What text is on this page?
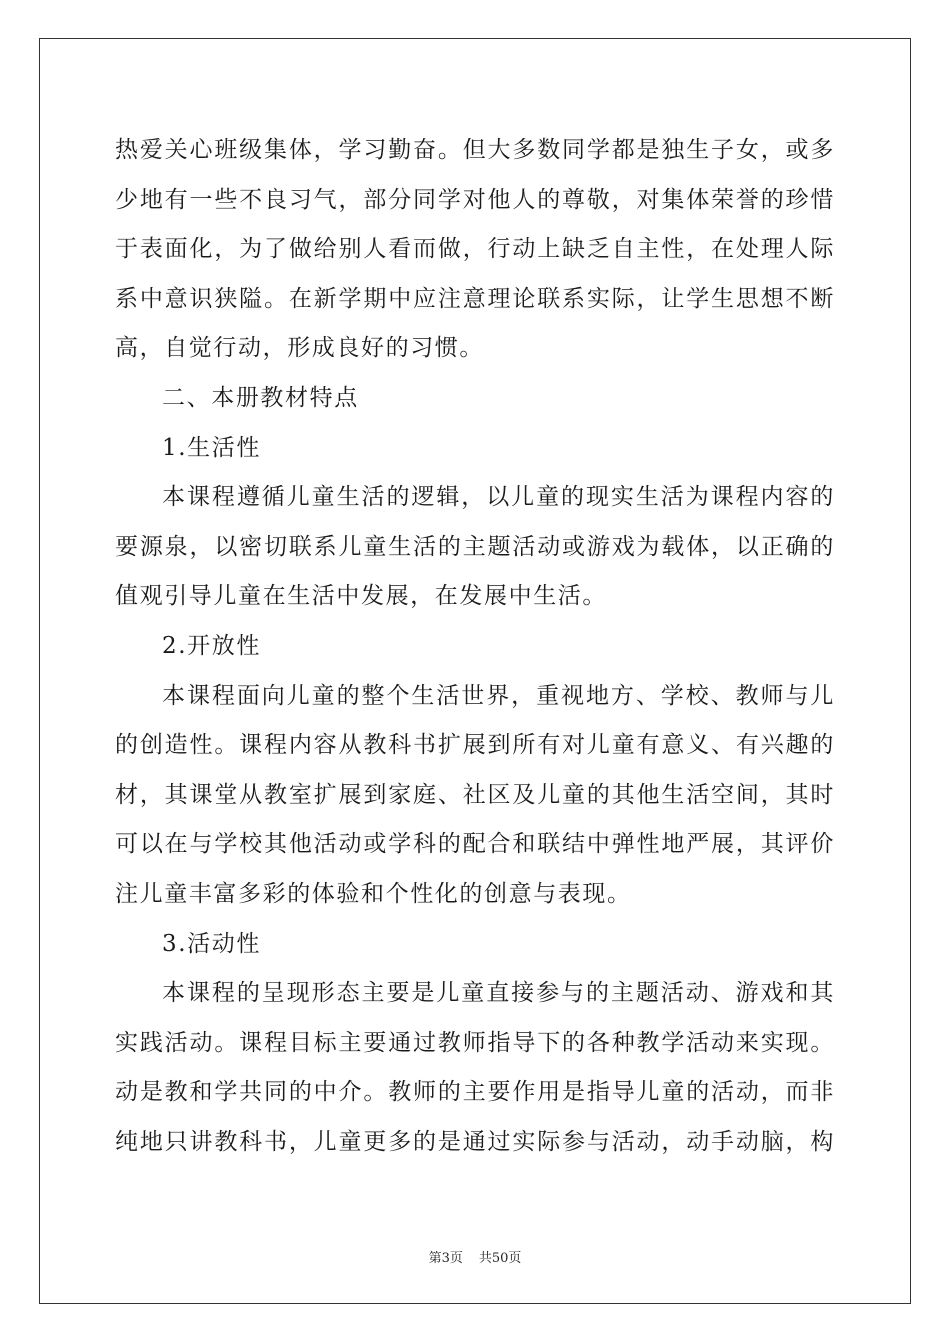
热爱关心班级集体，学习勤奋。但大多数同学都是独生子女，或多
少地有一些不良习气，部分同学对他人的尊敬，对集体荣誉的珍惜
于表面化，为了做给别人看而做，行动上缺乏自主性，在处理人际
系中意识狭隘。在新学期中应注意理论联系实际，让学生思想不断
高，自觉行动，形成良好的习惯。
二、本册教材特点
1.生活性
本课程遵循儿童生活的逻辑，以儿童的现实生活为课程内容的
要源泉，以密切联系儿童生活的主题活动或游戏为载体，以正确的
值观引导儿童在生活中发展，在发展中生活。
2.开放性
本课程面向儿童的整个生活世界，重视地方、学校、教师与儿
的创造性。课程内容从教科书扩展到所有对儿童有意义、有兴趣的
材，其课堂从教室扩展到家庭、社区及儿童的其他生活空间，其时
可以在与学校其他活动或学科的配合和联结中弹性地严展，其评价
注儿童丰富多彩的体验和个性化的创意与表现。
3.活动性
本课程的呈现形态主要是儿童直接参与的主题活动、游戏和其
实践活动。课程目标主要通过教师指导下的各种教学活动来实现。
动是教和学共同的中介。教师的主要作用是指导儿童的活动，而非
纯地只讲教科书，儿童更多的是通过实际参与活动，动手动脑，构
第3页 共50页
